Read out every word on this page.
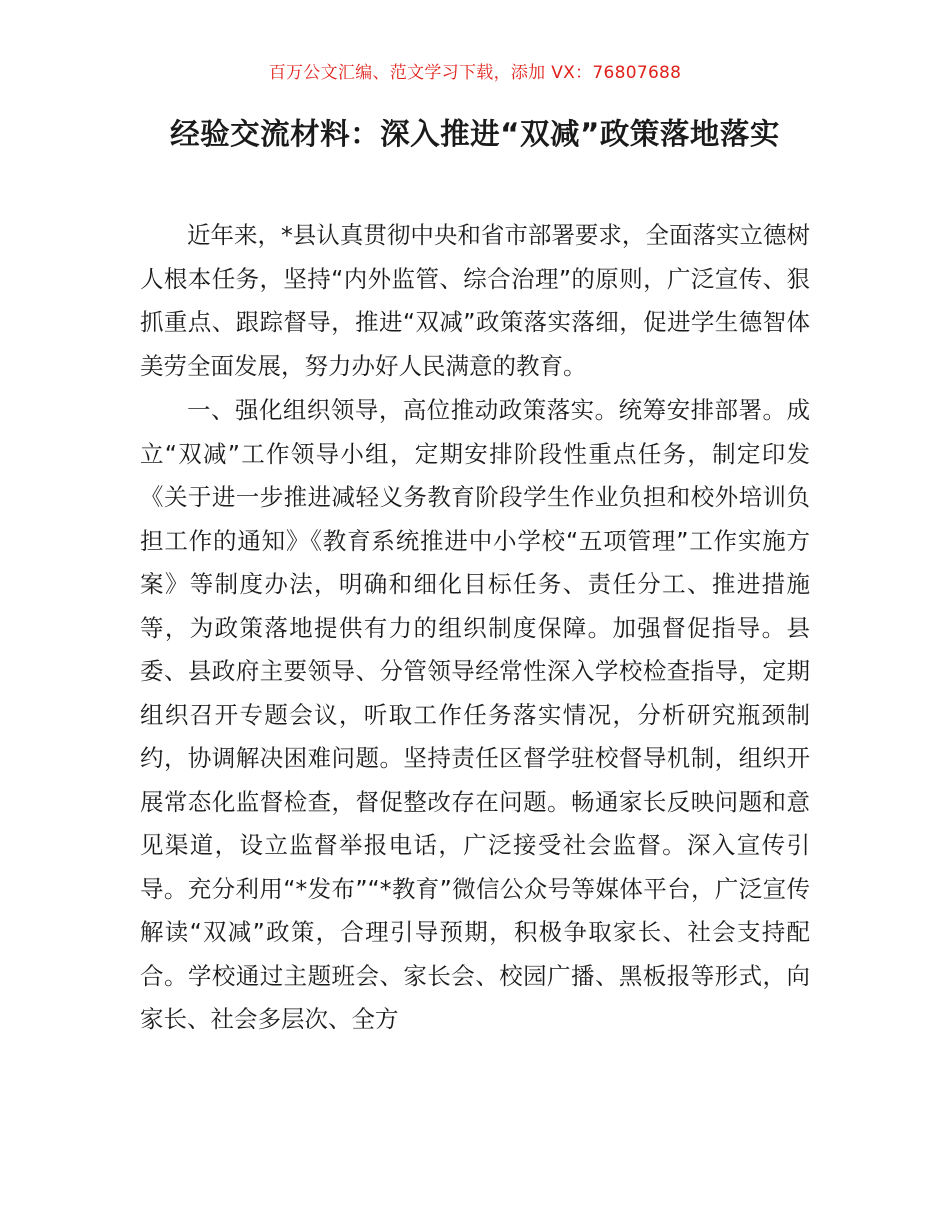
百万公文汇编、范文学习下载，添加 VX：76807688
经验交流材料：深入推进“双减”政策落地落实

近年来，*县认真贯彻中央和省市部署要求，全面落实立德树人根本任务，坚持“内外监管、综合治理”的原则，广泛宣传、狠抓重点、跟踪督导，推进“双减”政策落实落细，促进学生德智体美劳全面发展，努力办好人民满意的教育。

一、强化组织领导，高位推动政策落实。统筹安排部署。成立“双减”工作领导小组，定期安排阶段性重点任务，制定印发《关于进一步推进减轻义务教育阶段学生作业负担和校外培训负担工作的通知》《教育系统推进中小学校“五项管理”工作实施方案》等制度办法，明确和细化目标任务、责任分工、推进措施等，为政策落地提供有力的组织制度保障。加强督促指导。县委、县政府主要领导、分管领导经常性深入学校检查指导，定期组织召开专题会议，听取工作任务落实情况，分析研究瓶颈制约，协调解决困难问题。坚持责任区督学驻校督导机制，组织开展常态化监督检查，督促整改存在问题。畅通家长反映问题和意见渠道，设立监督举报电话，广泛接受社会监督。深入宣传引导。充分利用“*发布”“*教育”微信公众号等媒体平台，广泛宣传解读“双减”政策，合理引导预期，积极争取家长、社会支持配合。学校通过主题班会、家长会、校园广播、黑板报等形式，向家长、社会多层次、全方
